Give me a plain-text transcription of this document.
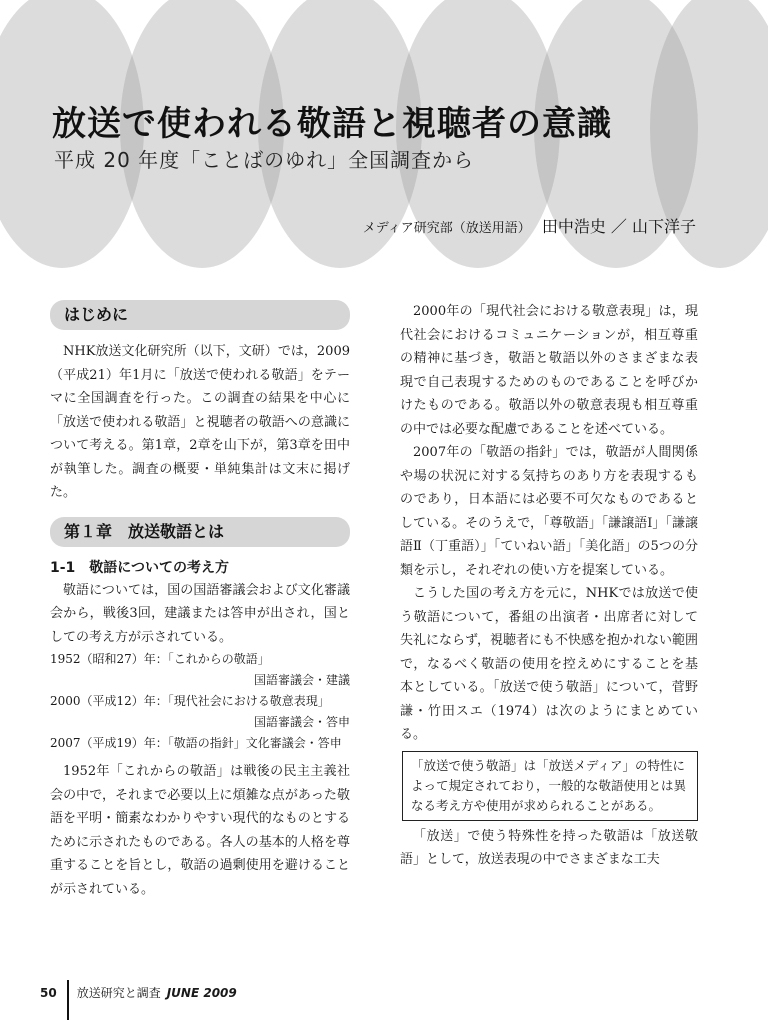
放送で使われる敬語と視聴者の意識
平成 20 年度「ことばのゆれ」全国調査から
メディア研究部（放送用語） 田中浩史 ／ 山下洋子
はじめに

NHK放送文化研究所（以下，文研）では，2009（平成21）年1月に「放送で使われる敬語」をテーマに全国調査を行った。この調査の結果を中心に「放送で使われる敬語」と視聴者の敬語への意識について考える。第1章，2章を山下が，第3章を田中が執筆した。調査の概要・単純集計は文末に掲げた。

第１章　放送敬語とは

1-1　敬語についての考え方

敬語については，国の国語審議会および文化審議会から，戦後3回，建議または答申が出され，国としての考え方が示されている。

1952（昭和27）年：「これからの敬語」
国語審議会・建議
2000（平成12）年：「現代社会における敬意表現」
国語審議会・答申
2007（平成19）年：「敬語の指針」文化審議会・答申

1952年「これからの敬語」は戦後の民主主義社会の中で，それまで必要以上に煩雑な点があった敬語を平明・簡素なわかりやすい現代的なものとするために示されたものである。各人の基本的人格を尊重することを旨とし，敬語の過剰使用を避けることが示されている。

2000年の「現代社会における敬意表現」は，現代社会におけるコミュニケーションが，相互尊重の精神に基づき，敬語と敬語以外のさまざまな表現で自己表現するためのものであることを呼びかけたものである。敬語以外の敬意表現も相互尊重の中では必要な配慮であることを述べている。

2007年の「敬語の指針」では，敬語が人間関係や場の状況に対する気持ちのあり方を表現するものであり，日本語には必要不可欠なものであるとしている。そのうえで，「尊敬語」「謙譲語Ⅰ」「謙譲語Ⅱ（丁重語）」「ていねい語」「美化語」の5つの分類を示し，それぞれの使い方を提案している。

こうした国の考え方を元に，NHKでは放送で使う敬語について，番組の出演者・出席者に対して失礼にならず，視聴者にも不快感を抱かれない範囲で，なるべく敬語の使用を控えめにすることを基本としている。「放送で使う敬語」について，菅野謙・竹田スエ（1974）は次のようにまとめている。

「放送で使う敬語」は「放送メディア」の特性によって規定されており，一般的な敬語使用とは異なる考え方や使用が求められることがある。

「放送」で使う特殊性を持った敬語は「放送敬語」として，放送表現の中でさまざまな工夫

50 放送研究と調査 JUNE 2009
